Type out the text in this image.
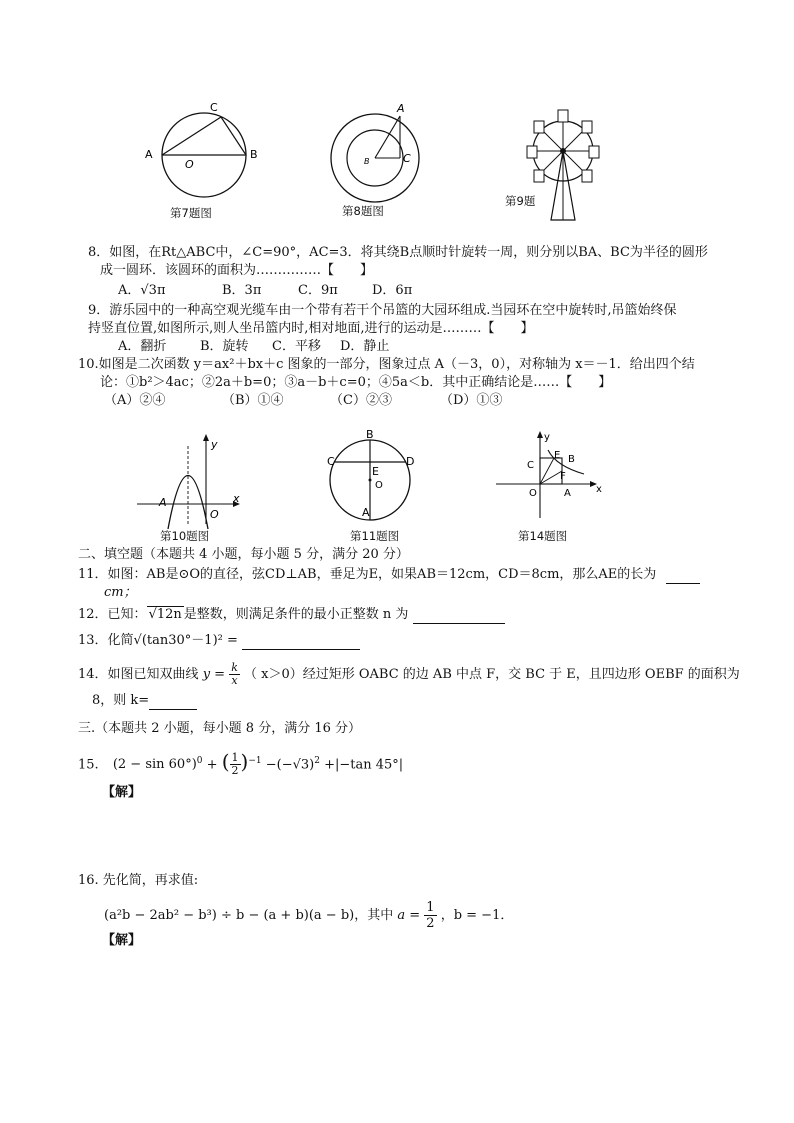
A	B
C
O
第7题图
A
B	C
第8题图
第9题
8．如图，在Rt△ABC中，∠C=90°，AC=3．将其绕B点顺时针旋转一周，则分别以BA、BC为半径的圆形
成一圆环．该圆环的面积为……………【　　】
A．√3π	B．3π	C．9π	D．6π
9．游乐园中的一种高空观光缆车由一个带有若干个吊篮的大园环组成.当园环在空中旋转时,吊篮始终保
持竖直位置,如图所示,则人坐吊篮内时,相对地面,进行的运动是………【　　】
A．翻折	B．旋转 C．平移 D．静止
10.如图是二次函数 y＝ax²＋bx＋c 图象的一部分，图象过点 A（－3，0），对称轴为 x＝－1．给出四个结
论：①b²＞4ac；②2a＋b=0；③a－b＋c=0；④5a＜b．其中正确结论是……【　　】
（A）②④	（B）①④	（C）②③	（D）①③
y
x
A
O
第10题图
B
C	D
E
O
A
第11题图
y
x
E B
C
F
O	A
第14题图
二、填空题（本题共 4 小题，每小题 5 分，满分 20 分）
11．如图：AB是⊙O的直径，弦CD⊥AB，垂足为E，如果AB＝12cm，CD＝8cm，那么AE的长为
cm；
12．已知： √12n 是整数，则满足条件的最小正整数 n 为
13．化简√(tan30°－1)² =
14．如图已知双曲线 $y = \frac{k}{x}$ （ x＞0）经过矩形 OABC 的边 AB 中点 F，交 BC 于 E，且四边形 OEBF 的面积为
8，则 k=
三.（本题共 2 小题，每小题 8 分，满分 16 分）
15. $(2 - \sin 60^\circ)^0$ + ( $\frac{1}{2} )^{-1} -(-√3)^2 +|-\tan$ 45°|
【解】
16. 先化简，再求值:
(a²b − 2ab² − b³) ÷ b − (a + b)(a − b)，其中 $a = \frac{1}{2}$ ，b = −1．
【解】
